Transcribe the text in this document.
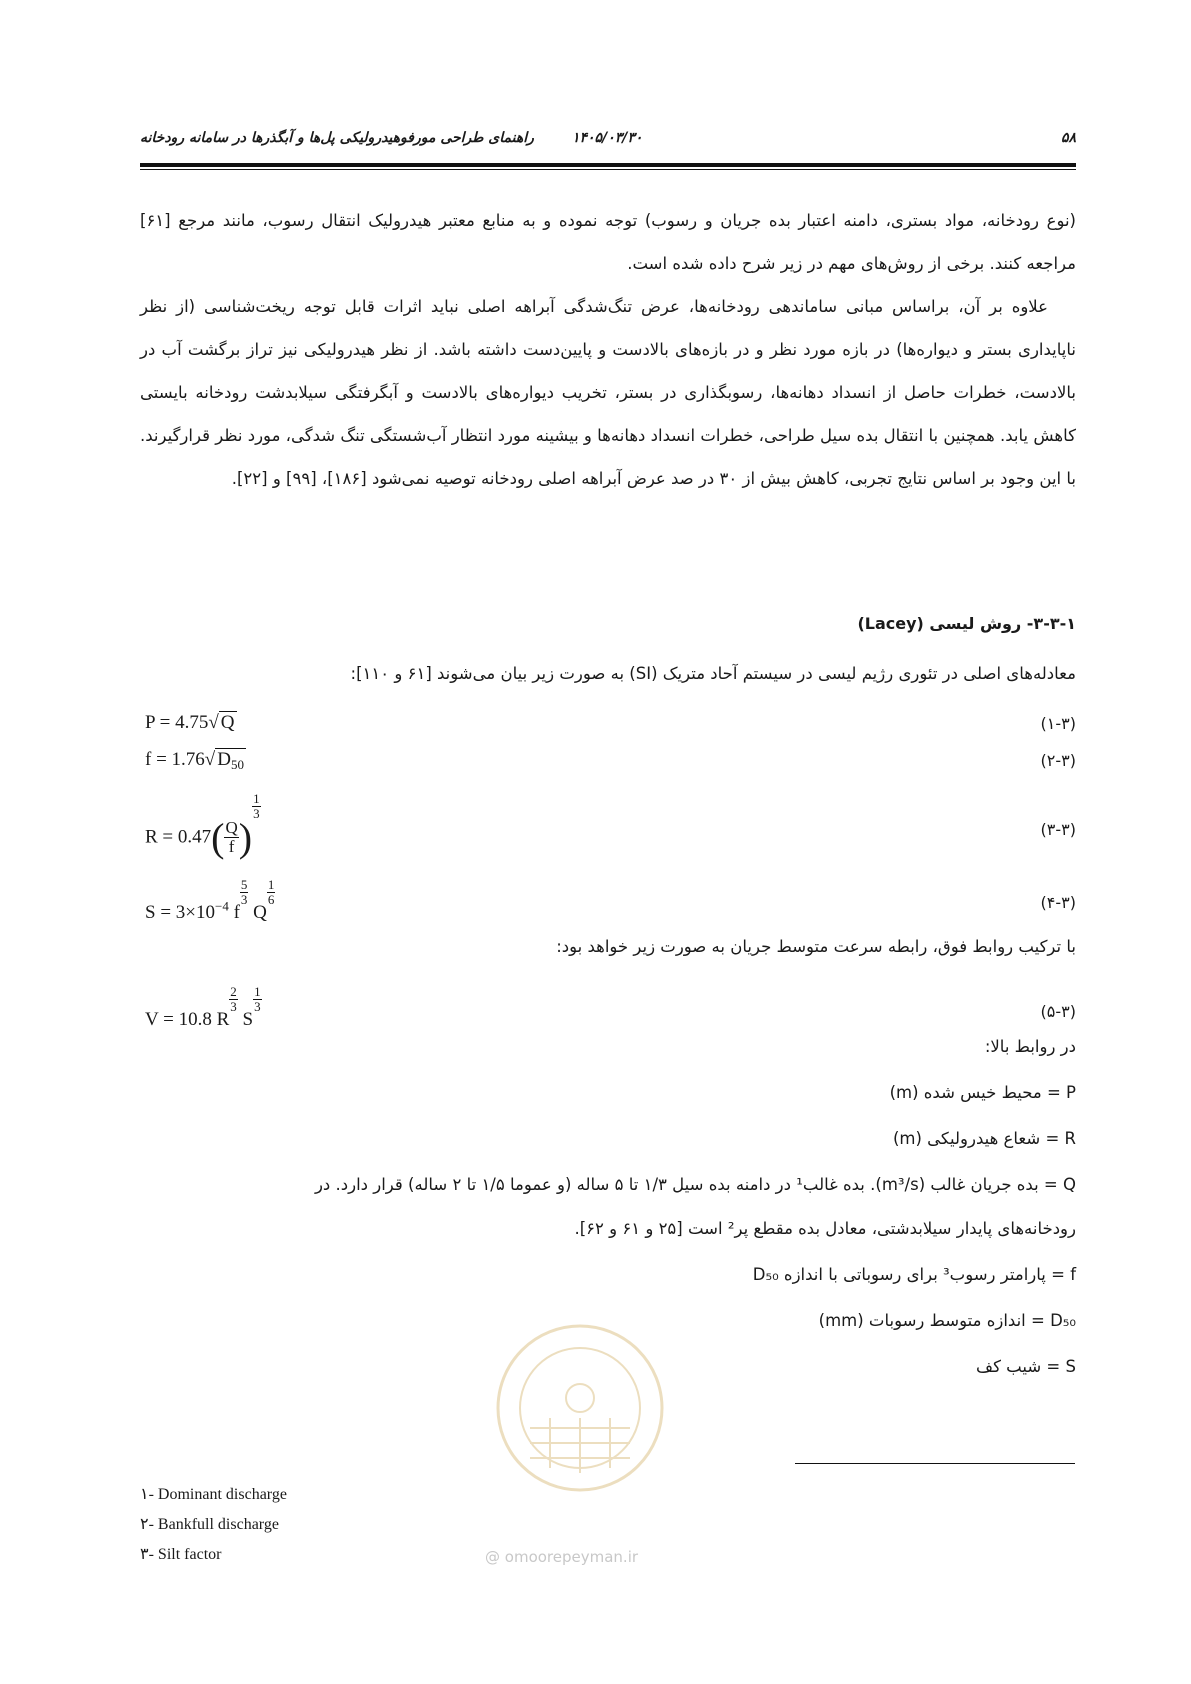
راهنمای طراحی مورفوهیدرولیکی پل‌ها و آبگذرها در سامانه رودخانه	۱۴۰۵/۰۳/۳۰	۵۸

(نوع رودخانه، مواد بستری، دامنه اعتبار بده جریان و رسوب) توجه نموده و به منابع معتبر هیدرولیک انتقال رسوب، مانند مرجع [۶۱] مراجعه کنند. برخی از روش‌های مهم در زیر شرح داده شده است.

علاوه بر آن، براساس مبانی ساماندهی رودخانه‌ها، عرض تنگ‌شدگی آبراهه اصلی نباید اثرات قابل توجه ریخت‌شناسی (از نظر ناپایداری بستر و دیواره‌ها) در بازه مورد نظر و در بازه‌های بالادست و پایین‌دست داشته باشد. از نظر هیدرولیکی نیز تراز برگشت آب در بالادست، خطرات حاصل از انسداد دهانه‌ها، رسوبگذاری در بستر، تخریب دیواره‌های بالادست و آبگرفتگی سیلابدشت رودخانه بایستی کاهش یابد. همچنین با انتقال بده سیل طراحی، خطرات انسداد دهانه‌ها و بیشینه مورد انتظار آب‌شستگی تنگ شدگی، مورد نظر قرارگیرند. با این وجود بر اساس نتایج تجربی، کاهش بیش از ۳۰ در صد عرض آبراهه اصلی رودخانه توصیه نمی‌شود [۱۸۶]، [۹۹] و [۲۲].

۳-۳-۱- روش لیسی (Lacey)
معادله‌های اصلی در تئوری رژیم لیسی در سیستم آحاد متریک (SI) به صورت زیر بیان می‌شوند [۶۱ و ۱۱۰]:
P = 4.75√ Q	(۱-۳)
f = 1.76√ $D_{50}$	(۲-۳)
$R = 0.47( \frac{Q}{f}$ )
$\frac{1}{3}$
(۳-۳)
$S = 3\times 10^{-4}$ f
$\frac{5}{3}$
Q
$\frac{1}{6}$	(۴-۳)
با ترکیب روابط فوق، رابطه سرعت متوسط جریان به صورت زیر خواهد بود:
V = 10.8 R
$\frac{2}{3}$
S
$\frac{1}{3}$	(۵-۳)
در روابط بالا:
P = محیط خیس شده (m)
R = شعاع هیدرولیکی (m)
Q = بده جریان غالب (m³/s). بده غالب¹ در دامنه بده سیل ۱/۳ تا ۵ ساله (و عموما ۱/۵ تا ۲ ساله) قرار دارد. در
رودخانه‌های پایدار سیلابدشتی، معادل بده مقطع پر² است [۲۵ و ۶۱ و ۶۲].
f = پارامتر رسوب³ برای رسوباتی با اندازه D₅₀
D₅₀ = اندازه متوسط رسوبات (mm)
S = شیب کف
@ omoorepeyman.ir
۱- Dominant discharge
۲- Bankfull discharge
۳- Silt factor
